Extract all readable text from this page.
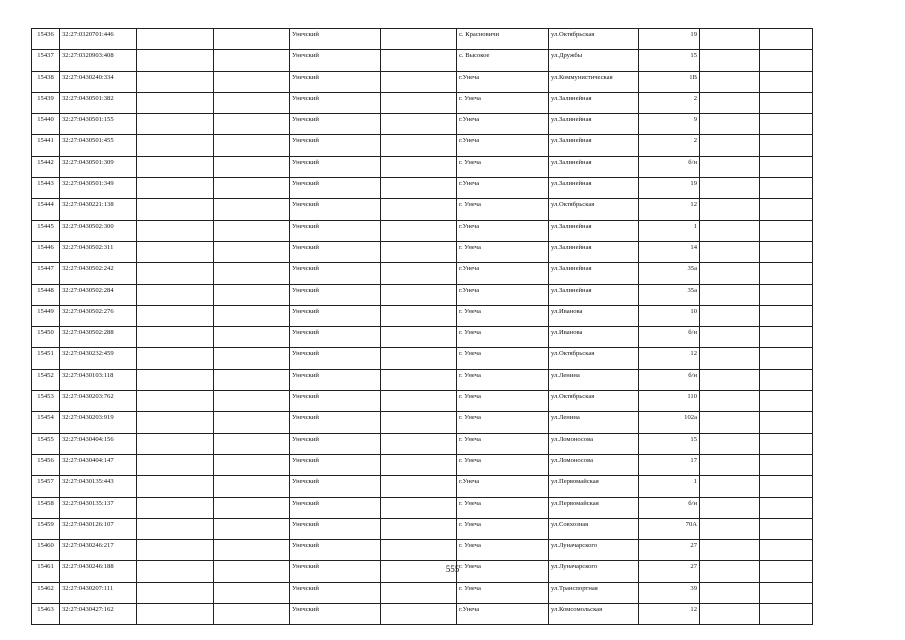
15436	32:27:0320701:446			Унечский		с. Красновичи	ул.Октябрьская	19		
15437	32:27:0320903:408			Унечский		с. Высокое	ул.Дружбы	15		
15438	32:27:0430240:334			Унечский		г.Унеча	ул.Коммунистическая	1В		
15439	32:27:0430501:382			Унечский		г. Унеча	ул.Залинейная	2		
15440	32:27:0430501:155			Унечский		г.Унеча	ул.Залинейная	9		
15441	32:27:0430501:455			Унечский		г.Унеча	ул.Залинейная	2		
15442	32:27:0430501:309			Унечский		г. Унеча	ул.Залинейная	б/н		
15443	32:27:0430501:349			Унечский		г.Унеча	ул.Залинейная	19		
15444	32:27:0430221:138			Унечский		г. Унеча	ул.Октябрьская	12		
15445	32:27:0430502:300			Унечский		г.Унеча	ул.Залинейная	1		
15446	32:27:0430502:311			Унечский		г. Унеча	ул.Залинейная	14		
15447	32:27:0430502:242			Унечский		г.Унеча	ул.Залинейная	35а		
15448	32:27:0430502:284			Унечский		г.Унеча	ул.Залинейная	35а		
15449	32:27:0430502:276			Унечский		г. Унеча	ул.Иванова	10		
15450	32:27:0430502:288			Унечский		г. Унеча	ул.Иванова	б/н		
15451	32:27:0430232:459			Унечский		г. Унеча	ул.Октябрьская	12		
15452	32:27:0430103:118			Унечский		г. Унеча	ул.Ленина	б/н		
15453	32:27:0430203:762			Унечский		г. Унеча	ул.Октябрьская	110		
15454	32:27:0430203:919			Унечский		г. Унеча	ул.Ленина	102а		
15455	32:27:0430404:156			Унечский		г. Унеча	ул.Ломоносова	15		
15456	32:27:0430404:147			Унечский		г. Унеча	ул.Ломоносова	17		
15457	32:27:0430135:443			Унечский		г.Унеча	ул.Первомайская	1		
15458	32:27:0430135:137			Унечский		г. Унеча	ул.Первомайская	б/н		
15459	32:27:0430126:107			Унечский		г. Унеча	ул.Совхозная	70А		
15460	32:27:0430246:217			Унечский		г. Унеча	ул.Луначарского	27		
15461	32:27:0430246:188			Унечский		г. Унеча	ул.Луначарского	27		
15462	32:27:0430207:111			Унечский		г. Унеча	ул.Транспортная	39		
15463	32:27:0430427:162			Унечский		г.Унеча	ул.Комсомольская	12		
555
